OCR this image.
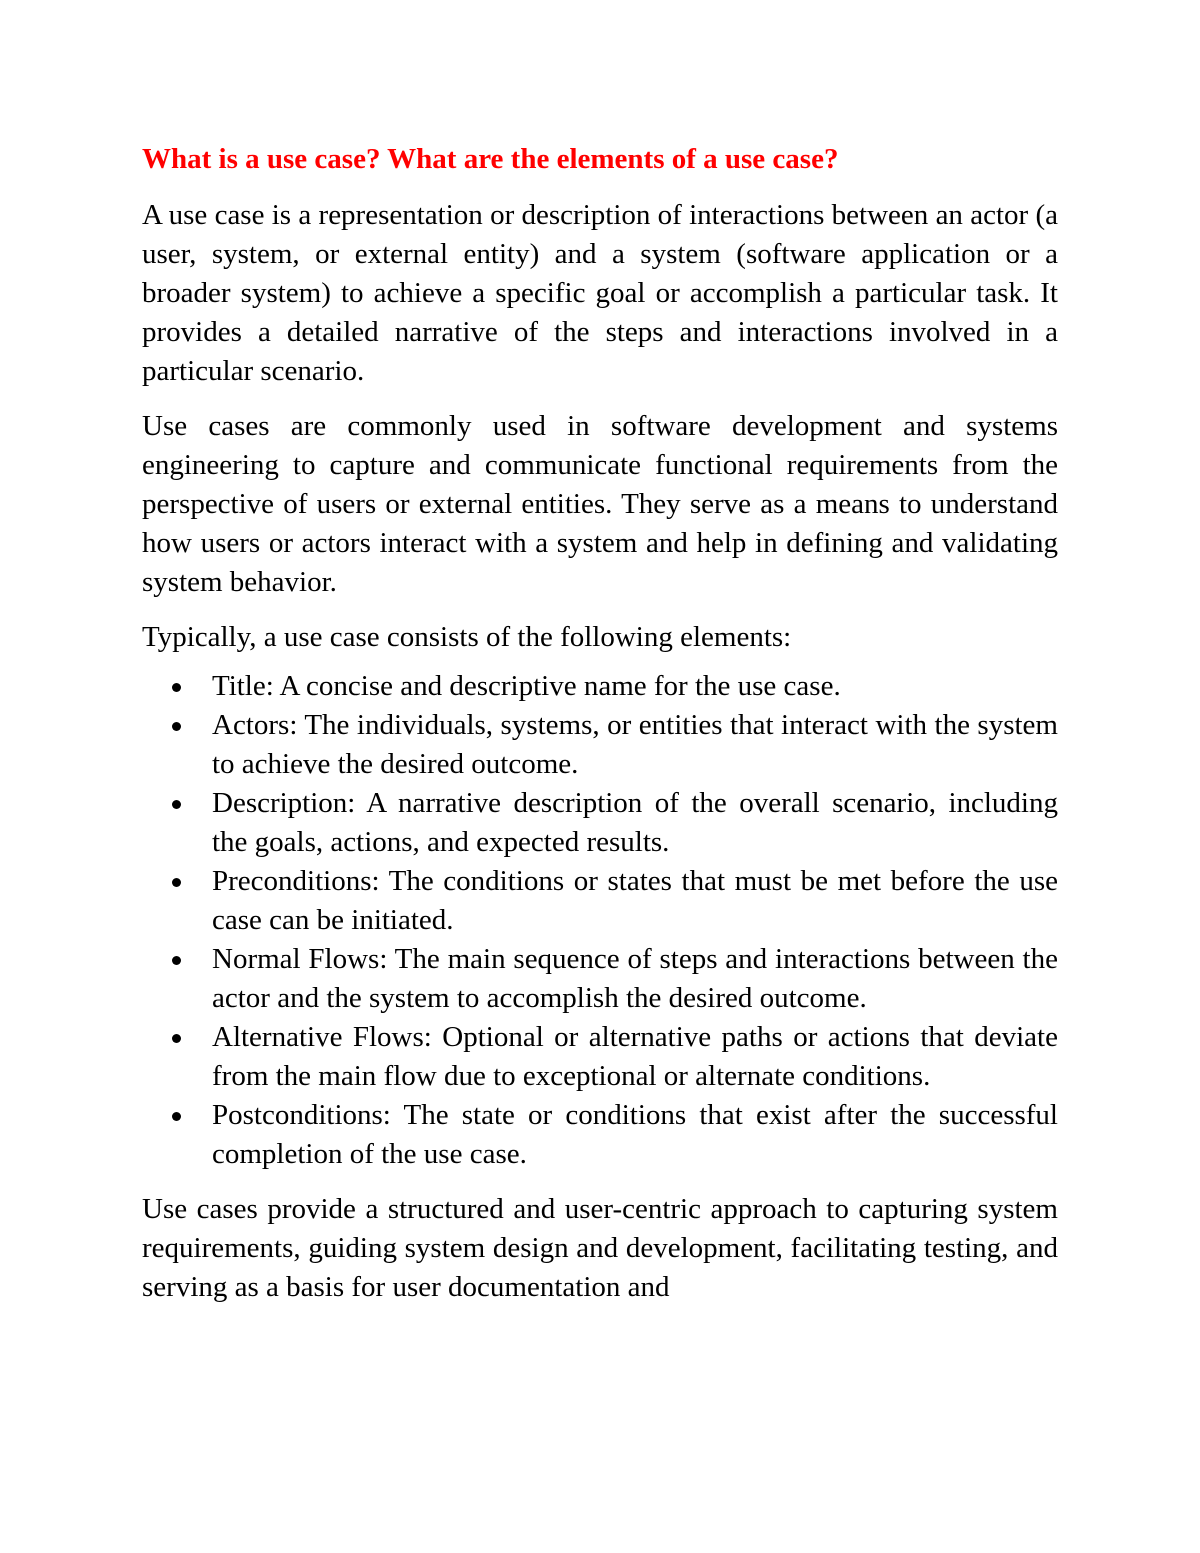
What is a use case? What are the elements of a use case?

A use case is a representation or description of interactions between an actor (a user, system, or external entity) and a system (software application or a broader system) to achieve a specific goal or accomplish a particular task. It provides a detailed narrative of the steps and interactions involved in a particular scenario.

Use cases are commonly used in software development and systems engineering to capture and communicate functional requirements from the perspective of users or external entities. They serve as a means to understand how users or actors interact with a system and help in defining and validating system behavior.

Typically, a use case consists of the following elements:

Title: A concise and descriptive name for the use case.
Actors: The individuals, systems, or entities that interact with the system to achieve the desired outcome.
Description: A narrative description of the overall scenario, including the goals, actions, and expected results.
Preconditions: The conditions or states that must be met before the use case can be initiated.
Normal Flows: The main sequence of steps and interactions between the actor and the system to accomplish the desired outcome.
Alternative Flows: Optional or alternative paths or actions that deviate from the main flow due to exceptional or alternate conditions.
Postconditions: The state or conditions that exist after the successful completion of the use case.

Use cases provide a structured and user-centric approach to capturing system requirements, guiding system design and development, facilitating testing, and serving as a basis for user documentation and
